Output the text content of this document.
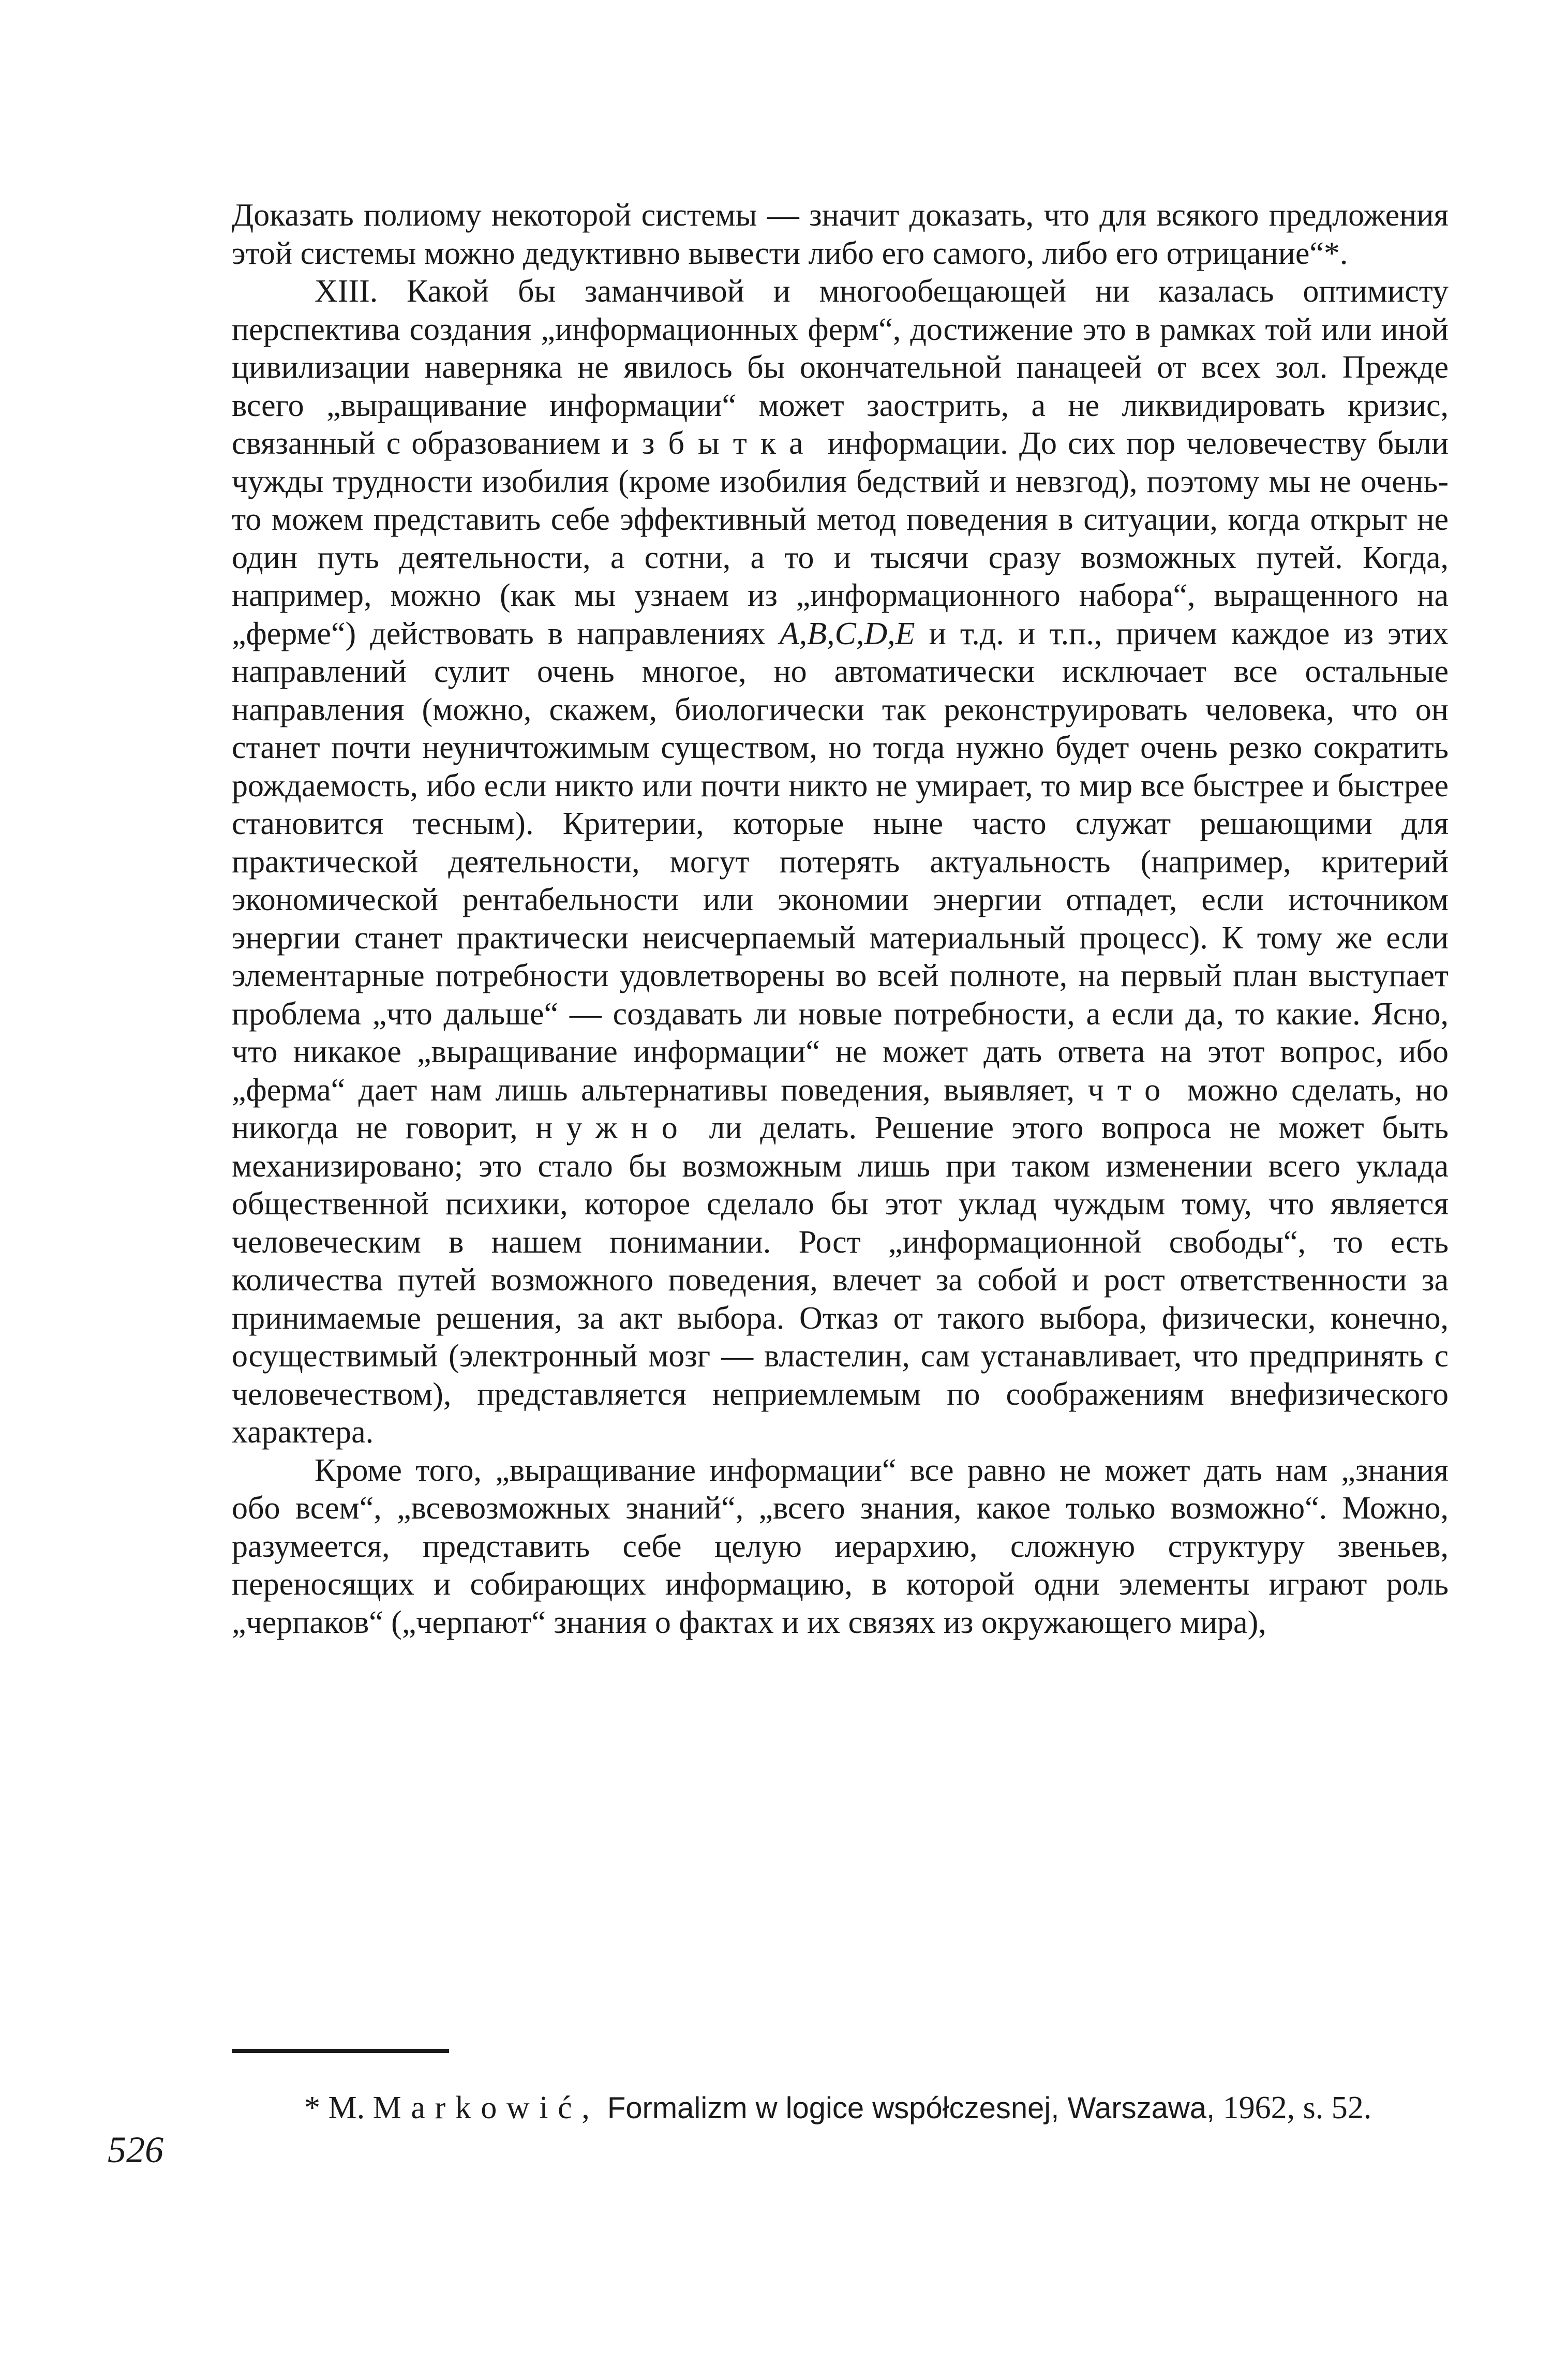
Доказать полиому некоторой системы — значит доказать, что для всякого предложения этой системы можно дедуктивно вывести либо его самого, либо его отрицание“*.

XIII. Какой бы заманчивой и многообещающей ни казалась оптимисту перспектива создания „информационных ферм“, достижение это в рамках той или иной цивилизации наверняка не явилось бы окончательной панацеей от всех зол. Прежде всего „выращивание информации“ может заострить, а не ликвидировать кризис, связанный с образованием избытка информации. До сих пор человечеству были чужды трудности изобилия (кроме изобилия бедствий и невзгод), поэтому мы не очень-то можем представить себе эффективный метод поведения в ситуации, когда открыт не один путь деятельности, а сотни, а то и тысячи сразу возможных путей. Когда, например, можно (как мы узнаем из „информационного набора“, выращенного на „ферме“) действовать в направлениях A,B,C,D,E и т.д. и т.п., причем каждое из этих направлений сулит очень многое, но автоматически исключает все остальные направления (можно, скажем, биологически так реконструировать человека, что он станет почти неуничтожимым существом, но тогда нужно будет очень резко сократить рождаемость, ибо если никто или почти никто не умирает, то мир все быстрее и быстрее становится тесным). Критерии, которые ныне часто служат решающими для практической деятельности, могут потерять актуальность (например, критерий экономической рентабельности или экономии энергии отпадет, если источником энергии станет практически неисчерпаемый материальный процесс). К тому же если элементарные потребности удовлетворены во всей полноте, на первый план выступает проблема „что дальше“ — создавать ли новые потребности, а если да, то какие. Ясно, что никакое „выращивание информации“ не может дать ответа на этот вопрос, ибо „ферма“ дает нам лишь альтернативы поведения, выявляет, что можно сделать, но никогда не говорит, нужно ли делать. Решение этого вопроса не может быть механизировано; это стало бы возможным лишь при таком изменении всего уклада общественной психики, которое сделало бы этот уклад чуждым тому, что является человеческим в нашем понимании. Рост „информационной свободы“, то есть количества путей возможного поведения, влечет за собой и рост ответственности за принимаемые решения, за акт выбора. Отказ от такого выбора, физически, конечно, осуществимый (электронный мозг — властелин, сам устанавливает, что предпринять с человечеством), представляется неприемлемым по соображениям внефизического характера.

Кроме того, „выращивание информации“ все равно не может дать нам „знания обо всем“, „всевозможных знаний“, „всего знания, какое только возможно“. Можно, разумеется, представить себе целую иерархию, сложную структуру звеньев, переносящих и собирающих информацию, в которой одни элементы играют роль „черпаков“ („черпают“ знания о фактах и их связях из окружающего мира),

* M. Markowić, Formalizm w logice współczesnej, Warszawa, 1962, s. 52.
526
